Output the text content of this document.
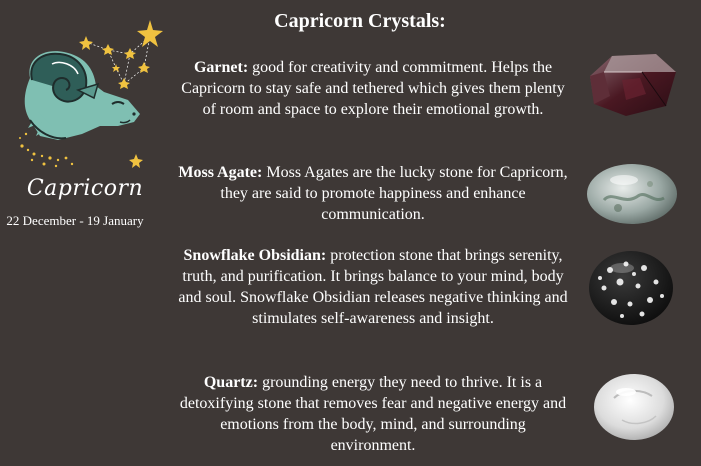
Capricorn
22 December - 19 January
Capricorn Crystals:
Garnet: good for creativity and commitment. Helps the Capricorn to stay safe and tethered which gives them plenty of room and space to explore their emotional growth.
Moss Agate: Moss Agates are the lucky stone for Capricorn, they are said to promote happiness and enhance communication.
Snowflake Obsidian: protection stone that brings serenity, truth, and purification. It brings balance to your mind, body and soul. Snowflake Obsidian releases negative thinking and stimulates self-awareness and insight.
Quartz: grounding energy they need to thrive. It is a detoxifying stone that removes fear and negative energy and emotions from the body, mind, and surrounding environment.
